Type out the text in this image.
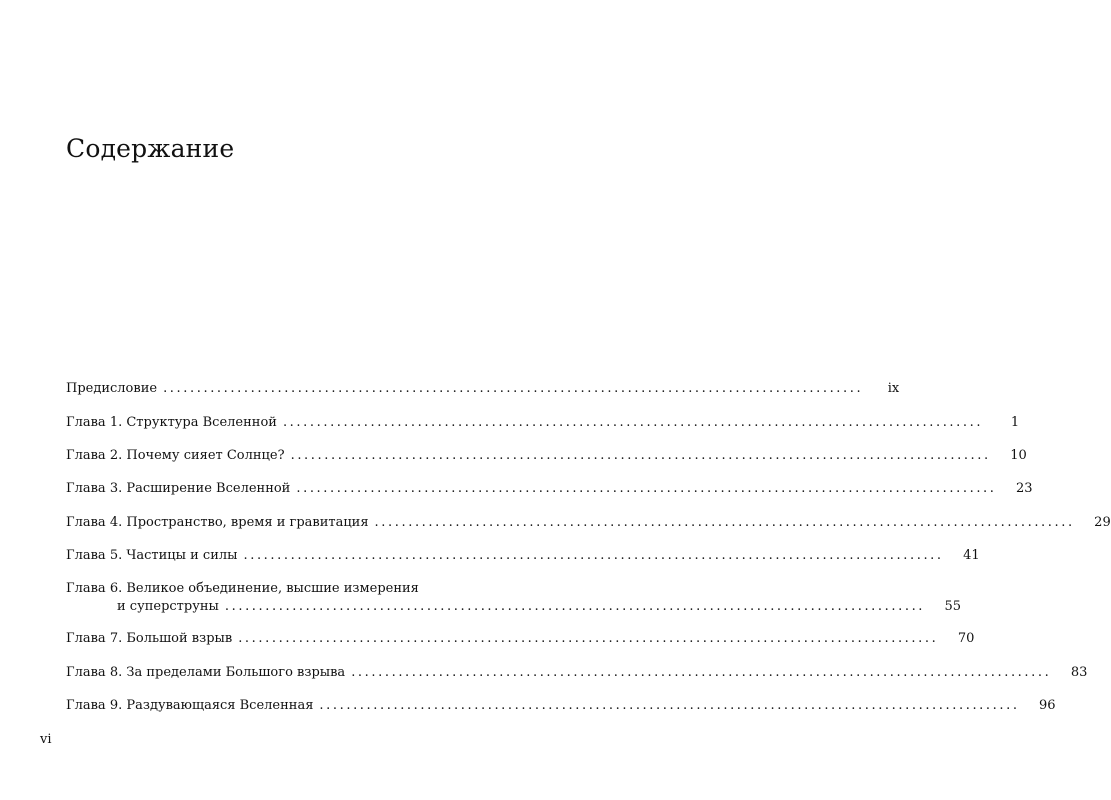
Содержание
Предисловие ........................................................................................................	ix
Глава 1. Структура Вселенной ........................................................................................................	1
Глава 2. Почему сияет Солнце? ........................................................................................................	10
Глава 3. Расширение Вселенной ........................................................................................................	23
Глава 4. Пространство, время и гравитация ........................................................................................................	29
Глава 5. Частицы и силы ........................................................................................................	41
Глава 6. Великое объединение, высшие измерения
и суперструны ........................................................................................................	55
Глава 7. Большой взрыв ........................................................................................................	70
Глава 8. За пределами Большого взрыва ........................................................................................................	83
Глава 9. Раздувающаяся Вселенная ........................................................................................................	96
vi
